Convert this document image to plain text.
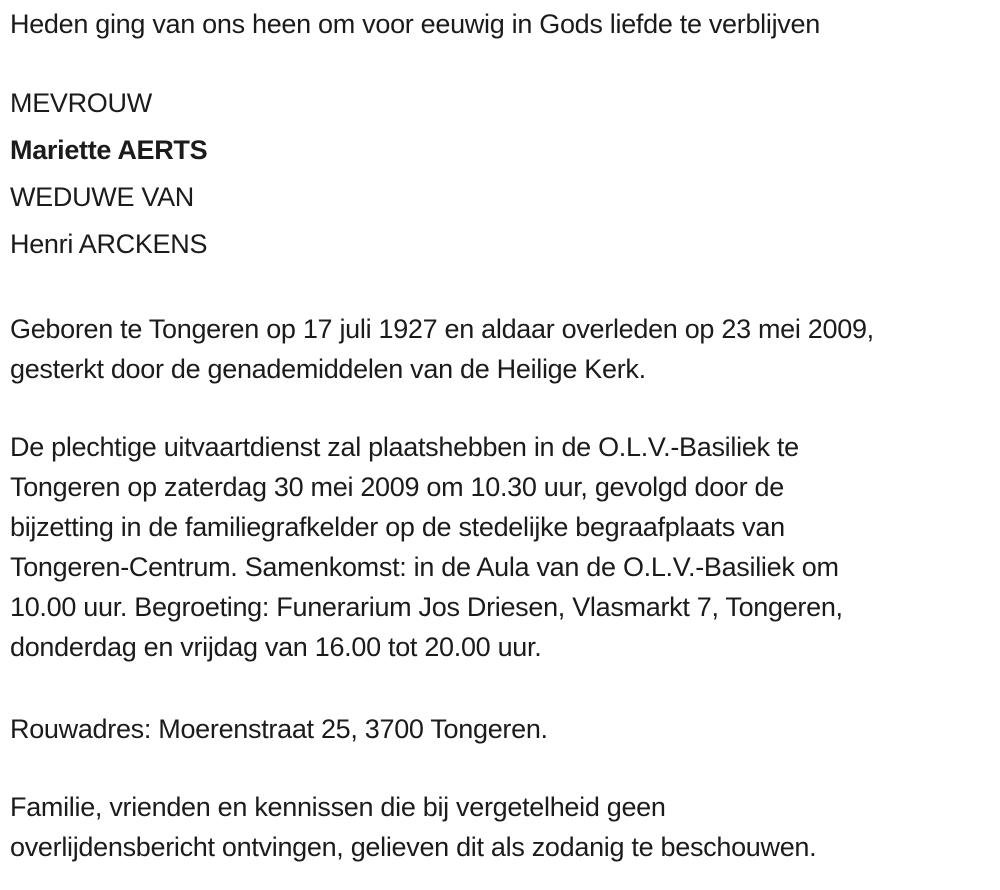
Heden ging van ons heen om voor eeuwig in Gods liefde te verblijven
MEVROUW
Mariette AERTS
WEDUWE VAN
Henri ARCKENS
Geboren te Tongeren op 17 juli 1927 en aldaar overleden op 23 mei 2009,
gesterkt door de genademiddelen van de Heilige Kerk.
De plechtige uitvaartdienst zal plaatshebben in de O.L.V.-Basiliek te
Tongeren op zaterdag 30 mei 2009 om 10.30 uur, gevolgd door de
bijzetting in de familiegrafkelder op de stedelijke begraafplaats van
Tongeren-Centrum. Samenkomst: in de Aula van de O.L.V.-Basiliek om
10.00 uur. Begroeting: Funerarium Jos Driesen, Vlasmarkt 7, Tongeren,
donderdag en vrijdag van 16.00 tot 20.00 uur.
Rouwadres: Moerenstraat 25, 3700 Tongeren.
Familie, vrienden en kennissen die bij vergetelheid geen
overlijdensbericht ontvingen, gelieven dit als zodanig te beschouwen.
